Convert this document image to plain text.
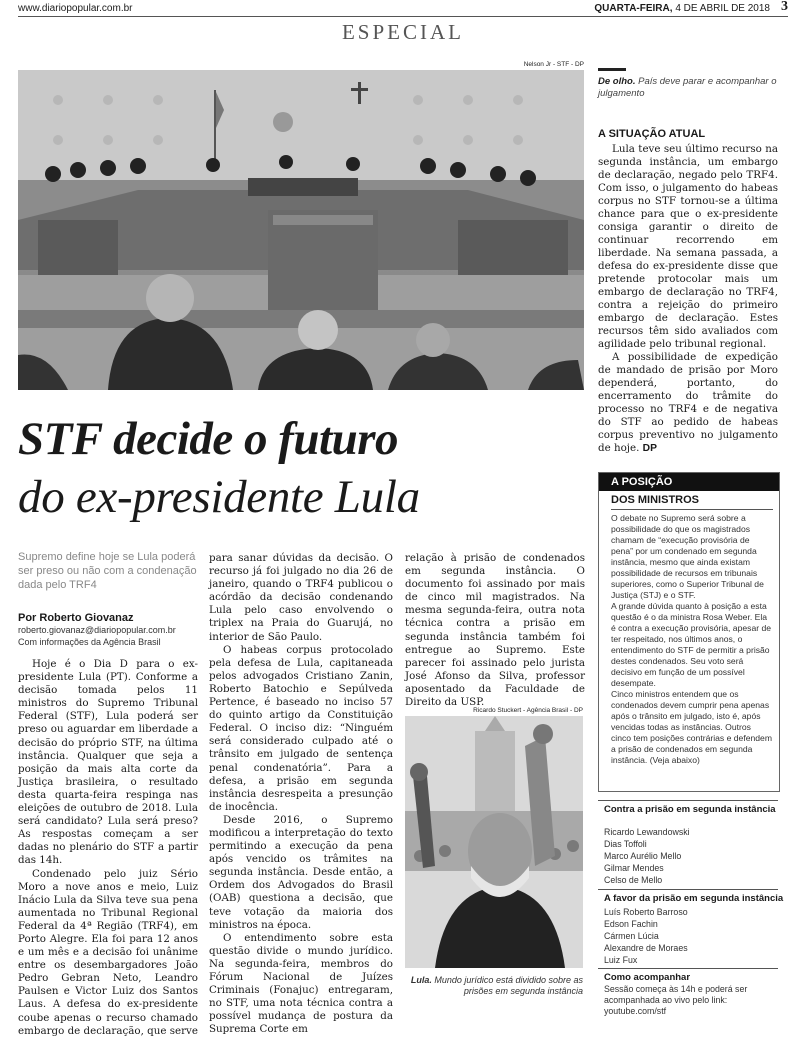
www.diariopopular.com.br	QUARTA-FEIRA, 4 DE ABRIL DE 2018 3
ESPECIAL
Nelson Jr - STF - DP
STF decide o futuro
do ex-presidente Lula
Supremo define hoje se Lula poderá ser preso ou não com a condenação dada pelo TRF4
Por Roberto Giovanaz
roberto.giovanaz@diariopopular.com.br
Com informações da Agência Brasil

Hoje é o Dia D para o ex-presidente Lula (PT). Conforme a decisão tomada pelos 11 ministros do Supremo Tribunal Federal (STF), Lula poderá ser preso ou aguardar em liberdade a decisão do próprio STF, na última instância. Qualquer que seja a posição da mais alta corte da Justiça brasileira, o resultado desta quarta-feira respinga nas eleições de outubro de 2018. Lula será candidato? Lula será preso? As respostas começam a ser dadas no plenário do STF a partir das 14h.

Condenado pelo juiz Sério Moro a nove anos e meio, Luiz Inácio Lula da Silva teve sua pena aumentada no Tribunal Regional Federal da 4ª Região (TRF4), em Porto Alegre. Ela foi para 12 anos e um mês e a decisão foi unânime entre os desembargadores João Pedro Gebran Neto, Leandro Paulsen e Victor Luiz dos Santos Laus. A defesa do ex-presidente coube apenas o recurso chamado embargo de declaração, que serve

para sanar dúvidas da decisão. O recurso já foi julgado no dia 26 de janeiro, quando o TRF4 publicou o acórdão da decisão condenando Lula pelo caso envolvendo o triplex na Praia do Guarujá, no interior de São Paulo.

O habeas corpus protocolado pela defesa de Lula, capitaneada pelos advogados Cristiano Zanin, Roberto Batochio e Sepúlveda Pertence, é baseado no inciso 57 do quinto artigo da Constituição Federal. O inciso diz: “Ninguém será considerado culpado até o trânsito em julgado de sentença penal condenatória”. Para a defesa, a prisão em segunda instância desrespeita a presunção de inocência.

Desde 2016, o Supremo modificou a interpretação do texto permitindo a execução da pena após vencido os trâmites na segunda instância. Desde então, a Ordem dos Advogados do Brasil (OAB) questiona a decisão, que teve votação da maioria dos ministros na época.

O entendimento sobre esta questão divide o mundo jurídico. Na segunda-feira, membros do Fórum Nacional de Juízes Criminais (Fonajuc) entregaram, no STF, uma nota técnica contra a possível mudança de postura da Suprema Corte em

relação à prisão de condenados em segunda instância. O documento foi assinado por mais de cinco mil magistrados. Na mesma segunda-feira, outra nota técnica contra a prisão em segunda instância também foi entregue ao Supremo. Este parecer foi assinado pelo jurista José Afonso da Silva, professor aposentado da Faculdade de Direito da USP.

Ricardo Stuckert - Agência Brasil - DP
Lula. Mundo jurídico está dividido sobre as prisões em segunda instância
De olho. País deve parar e acompanhar o julgamento
A SITUAÇÃO ATUAL

Lula teve seu último recurso na segunda instância, um embargo de declaração, negado pelo TRF4. Com isso, o julgamento do habeas corpus no STF tornou-se a última chance para que o ex-presidente consiga garantir o direito de continuar recorrendo em liberdade. Na semana passada, a defesa do ex-presidente disse que pretende protocolar mais um embargo de declaração no TRF4, contra a rejeição do primeiro embargo de declaração. Estes recursos têm sido avaliados com agilidade pelo tribunal regional.

A possibilidade de expedição de mandado de prisão por Moro dependerá, portanto, do encerramento do trâmite do processo no TRF4 e de negativa do STF ao pedido de habeas corpus preventivo no julgamento de hoje. DP

A POSIÇÃO
DOS MINISTROS
O debate no Supremo será sobre a possibilidade do que os magistrados chamam de “execução provisória de pena” por um condenado em segunda instância, mesmo que ainda existam possibilidade de recursos em tribunais superiores, como o Superior Tribunal de Justiça (STJ) e o STF.
A grande dúvida quanto à posição a esta questão é o da ministra Rosa Weber. Ela é contra a execução provisória, apesar de ter respeitado, nos últimos anos, o entendimento do STF de permitir a prisão destes condenados. Seu voto será decisivo em função de um possível desempate.
Cinco ministros entendem que os condenados devem cumprir pena apenas após o trânsito em julgado, isto é, após vencidas todas as instâncias. Outros cinco tem posições contrárias e defendem a prisão de condenados em segunda instância. (Veja abaixo)
Contra a prisão em segunda instância
Ricardo Lewandowski
Dias Toffoli
Marco Aurélio Mello
Gilmar Mendes
Celso de Mello
A favor da prisão em segunda instância
Luís Roberto Barroso
Edson Fachin
Cármen Lúcia
Alexandre de Moraes
Luiz Fux
Como acompanhar
Sessão começa às 14h e poderá ser acompanhada ao vivo pelo link: youtube.com/stf
